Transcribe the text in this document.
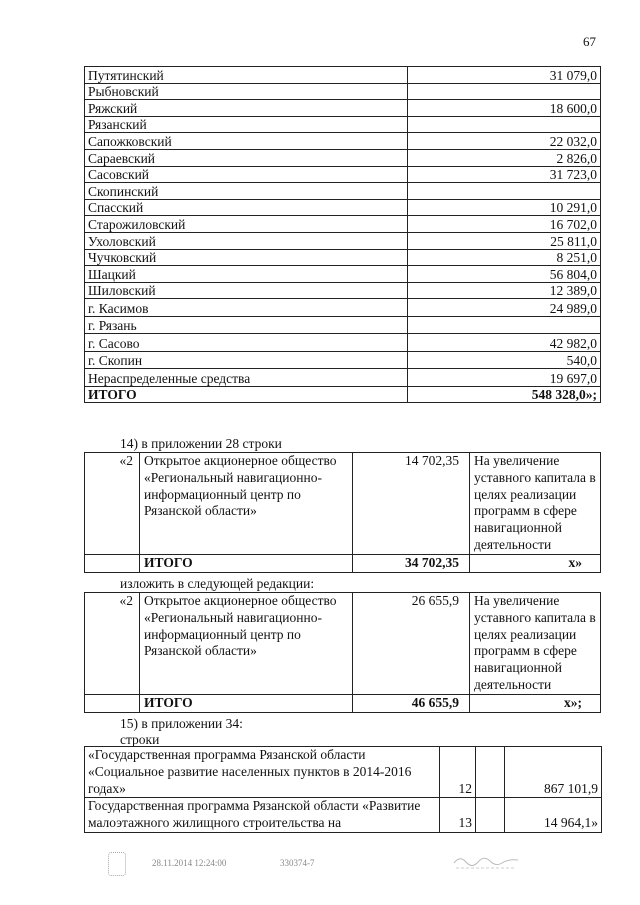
67
Путятинский	31 079,0
Рыбновский	
Ряжский	18 600,0
Рязанский	
Сапожковский	22 032,0
Сараевский	2 826,0
Сасовский	31 723,0
Скопинский	
Спасский	10 291,0
Старожиловский	16 702,0
Ухоловский	25 811,0
Чучковский	8 251,0
Шацкий	56 804,0
Шиловский	12 389,0
г. Касимов	24 989,0
г. Рязань	
г. Сасово	42 982,0
г. Скопин	540,0
Нераспределенные средства	19 697,0
ИТОГО	548 328,0»;
14) в приложении 28 строки
«2	Открытое акционерное общество «Региональный навигационно-информационный центр по Рязанской области»	14 702,35	На увеличение уставного капитала в целях реализации программ в сфере навигационной деятельности
	ИТОГО	34 702,35	х»
изложить в следующей редакции:
«2	Открытое акционерное общество «Региональный навигационно-информационный центр по Рязанской области»	26 655,9	На увеличение уставного капитала в целях реализации программ в сфере навигационной деятельности
	ИТОГО	46 655,9	х»;
15) в приложении 34:
строки
«Государственная программа Рязанской области «Социальное развитие населенных пунктов в 2014-2016 годах»	12		867 101,9
Государственная программа Рязанской области «Развитие малоэтажного жилищного строительства на	13		14 964,1»
28.11.2014 12:24:00	330374-7
